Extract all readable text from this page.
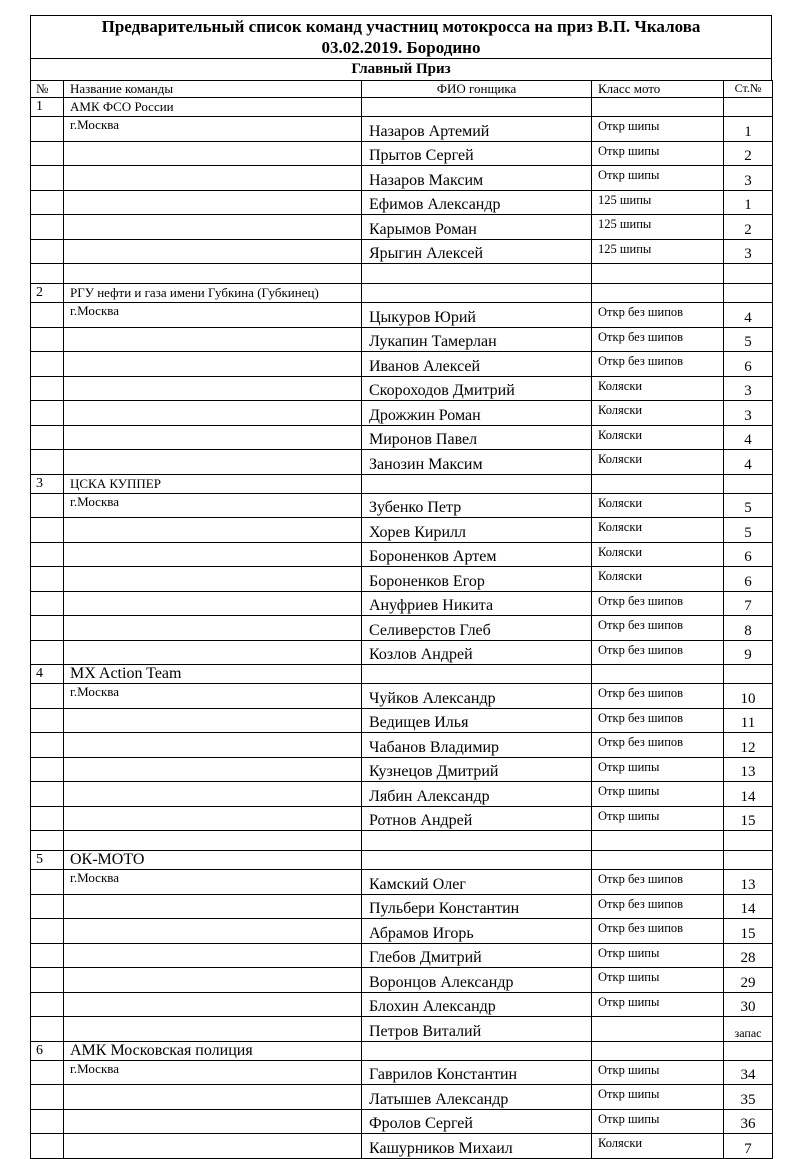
Предварительный список команд участниц мотокросса на приз В.П. Чкалова
03.02.2019. Бородино
Главный Приз
№	Название команды	ФИО гонщика	Класс мото	Ст.№
1	АМК ФСО России			
	г.Москва	Назаров Артемий	Откр шипы	1
		Прытов Сергей	Откр шипы	2
		Назаров Максим	Откр шипы	3
		Ефимов Александр	125 шипы	1
		Карымов Роман	125 шипы	2
		Ярыгин Алексей	125 шипы	3

2	РГУ нефти и газа имени Губкина (Губкинец)			
	г.Москва	Цыкуров Юрий	Откр без шипов	4
		Лукапин Тамерлан	Откр без шипов	5
		Иванов Алексей	Откр без шипов	6
		Скороходов Дмитрий	Коляски	3
		Дрожжин Роман	Коляски	3
		Миронов Павел	Коляски	4
		Занозин Максим	Коляски	4
3	ЦСКА КУППЕР			
	г.Москва	Зубенко Петр	Коляски	5
		Хорев Кирилл	Коляски	5
		Бороненков Артем	Коляски	6
		Бороненков Егор	Коляски	6
		Ануфриев Никита	Откр без шипов	7
		Селиверстов Глеб	Откр без шипов	8
		Козлов Андрей	Откр без шипов	9
4	MX Action Team			
	г.Москва	Чуйков Александр	Откр без шипов	10
		Ведищев Илья	Откр без шипов	11
		Чабанов Владимир	Откр без шипов	12
		Кузнецов Дмитрий	Откр шипы	13
		Лябин Александр	Откр шипы	14
		Ротнов Андрей	Откр шипы	15

5	ОК-МОТО			
	г.Москва	Камский Олег	Откр без шипов	13
		Пульбери Константин	Откр без шипов	14
		Абрамов Игорь	Откр без шипов	15
		Глебов Дмитрий	Откр шипы	28
		Воронцов Александр	Откр шипы	29
		Блохин Александр	Откр шипы	30
		Петров Виталий		запас
6	АМК Московская полиция			
	г.Москва	Гаврилов Константин	Откр шипы	34
		Латышев Александр	Откр шипы	35
		Фролов Сергей	Откр шипы	36
		Кашурников Михаил	Коляски	7
